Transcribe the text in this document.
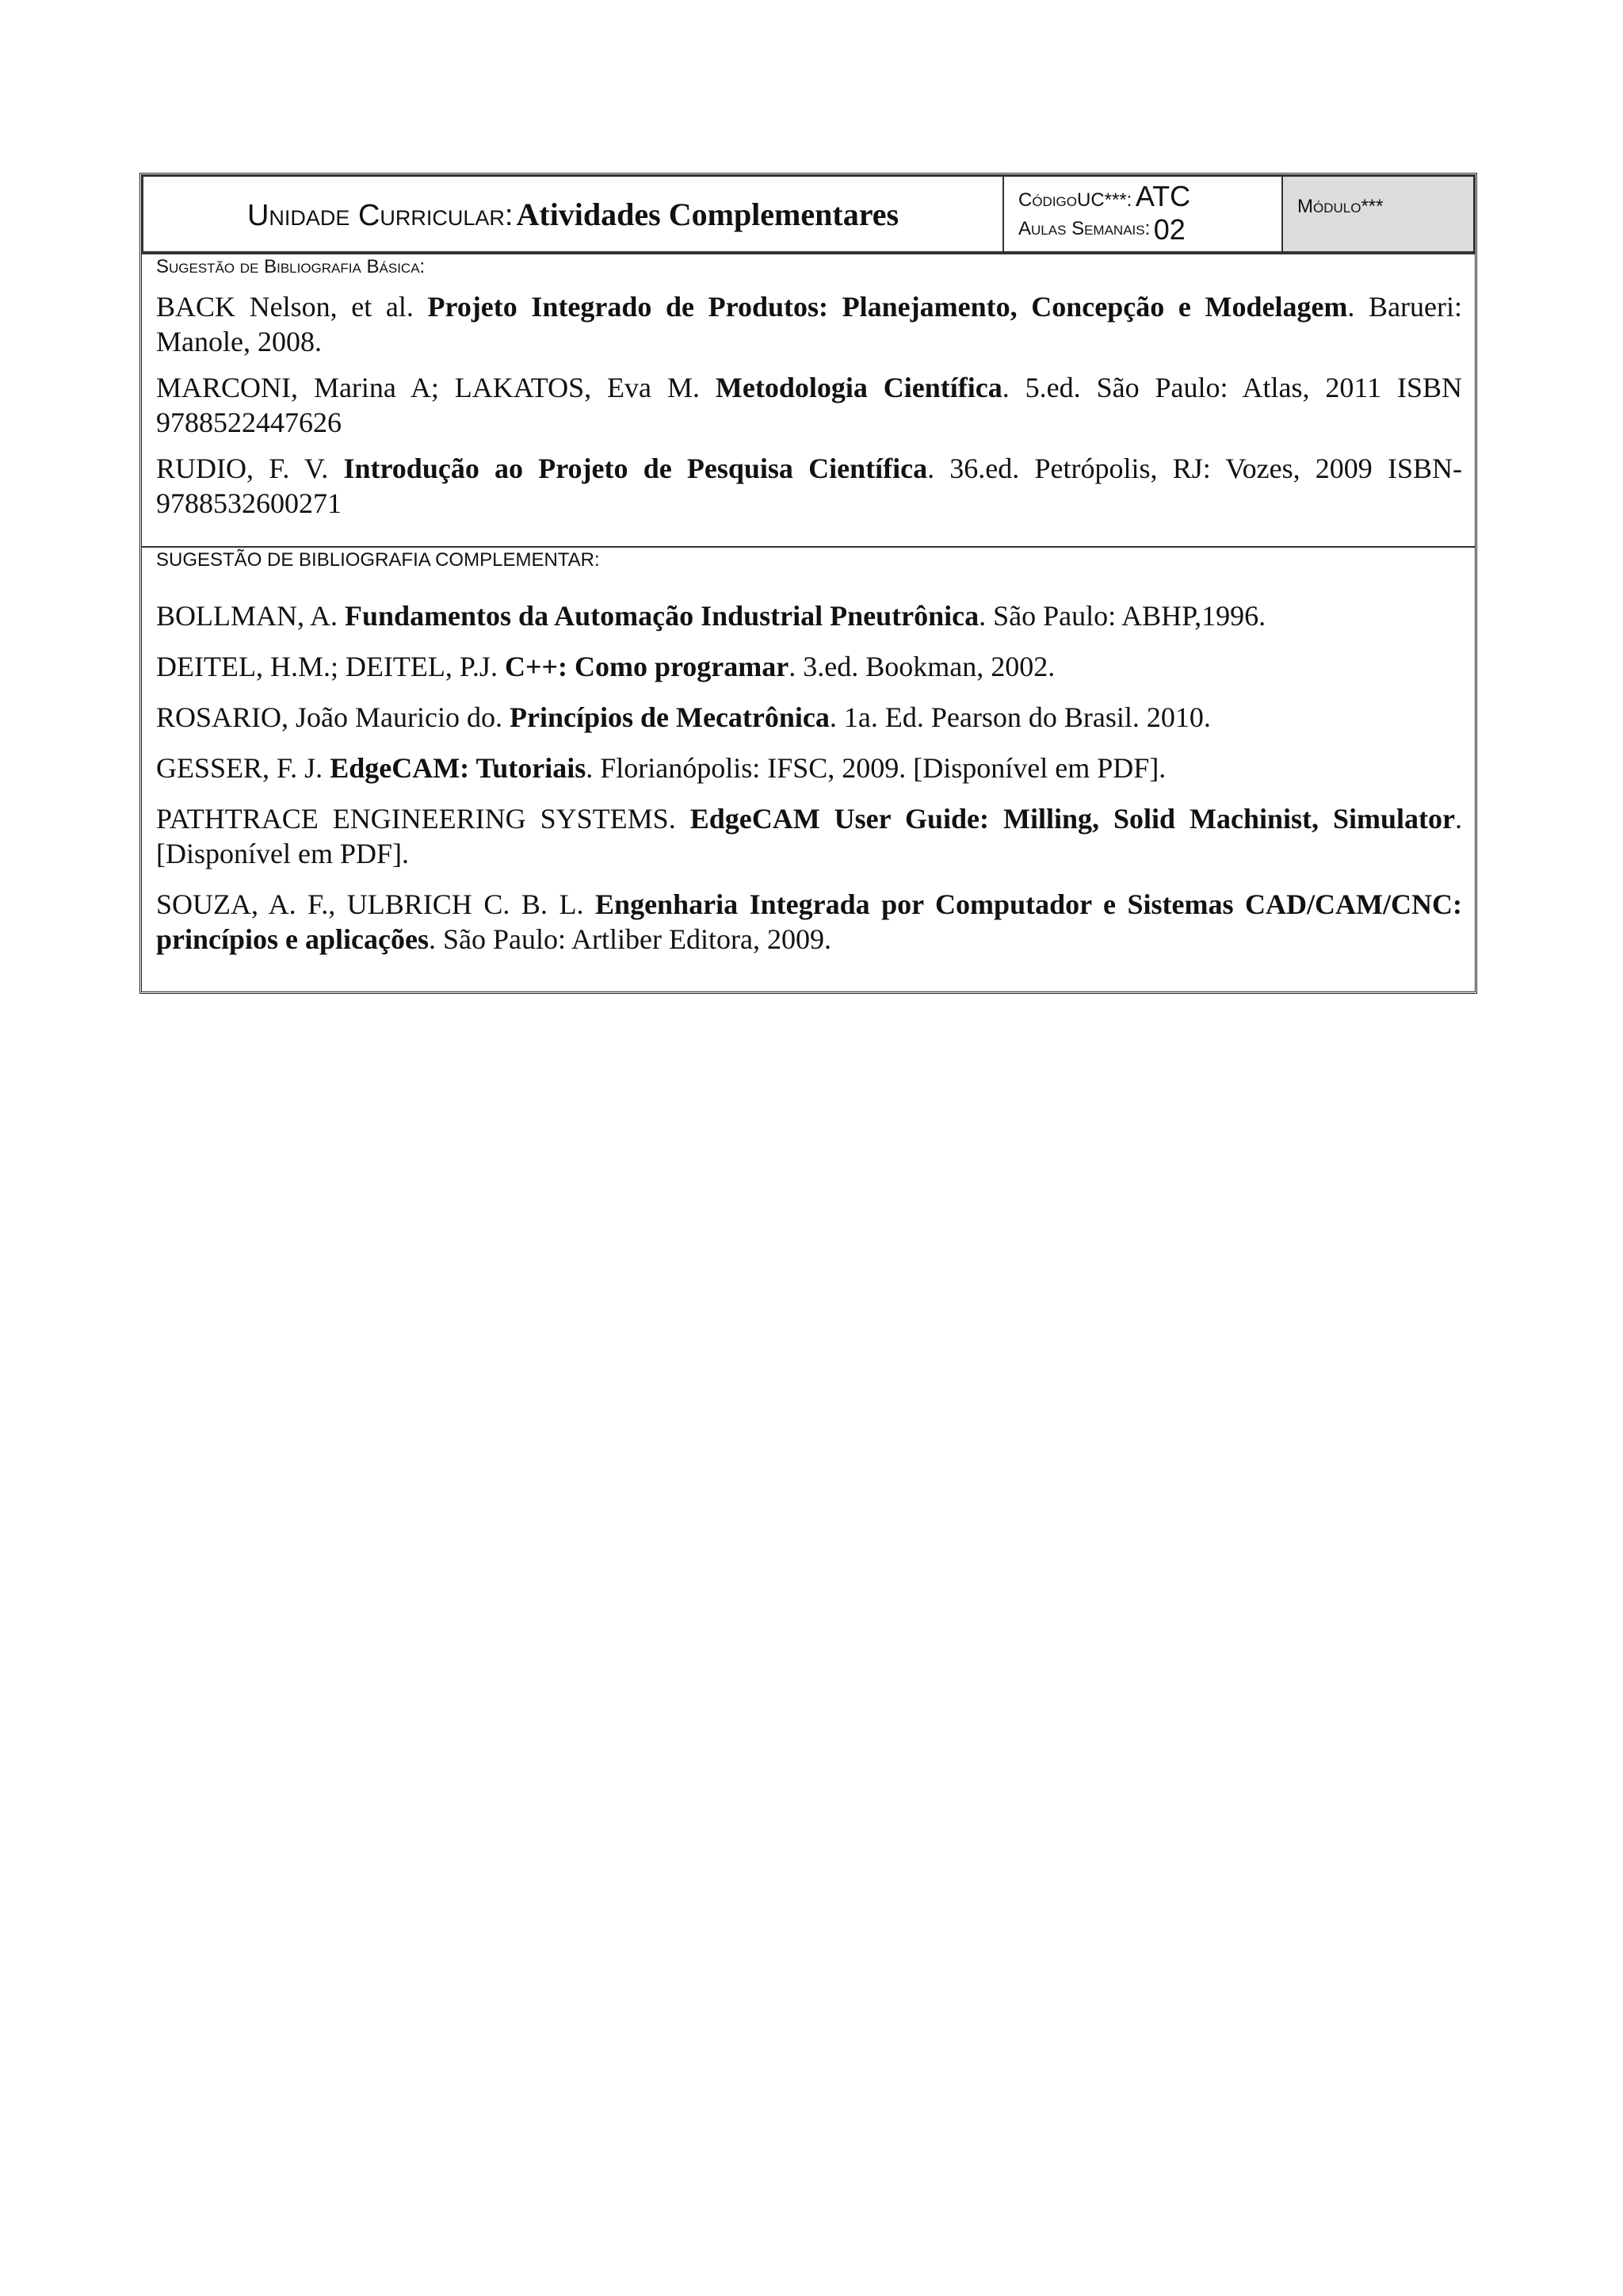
Unidade Curricular: Atividades Complementares	CódigoUC***: ATC
Aulas Semanais: 02
	Módulo***
Sugestão de Bibliografia Básica:

BACK Nelson, et al. Projeto Integrado de Produtos: Planejamento, Concepção e Modelagem. Barueri: Manole, 2008.

MARCONI, Marina A; LAKATOS, Eva M. Metodologia Científica. 5.ed. São Paulo: Atlas, 2011 ISBN 9788522447626

RUDIO, F. V. Introdução ao Projeto de Pesquisa Científica. 36.ed. Petrópolis, RJ: Vozes, 2009 ISBN-9788532600271

SUGESTÃO DE BIBLIOGRAFIA COMPLEMENTAR:

BOLLMAN, A. Fundamentos da Automação Industrial Pneutrônica. São Paulo: ABHP,1996.

DEITEL, H.M.; DEITEL, P.J. C++: Como programar. 3.ed. Bookman, 2002.

ROSARIO, João Mauricio do. Princípios de Mecatrônica. 1a. Ed. Pearson do Brasil. 2010.

GESSER, F. J. EdgeCAM: Tutoriais. Florianópolis: IFSC, 2009. [Disponível em PDF].

PATHTRACE ENGINEERING SYSTEMS. EdgeCAM User Guide: Milling, Solid Machinist, Simulator. [Disponível em PDF].

SOUZA, A. F., ULBRICH C. B. L. Engenharia Integrada por Computador e Sistemas CAD/CAM/CNC: princípios e aplicações. São Paulo: Artliber Editora, 2009.
